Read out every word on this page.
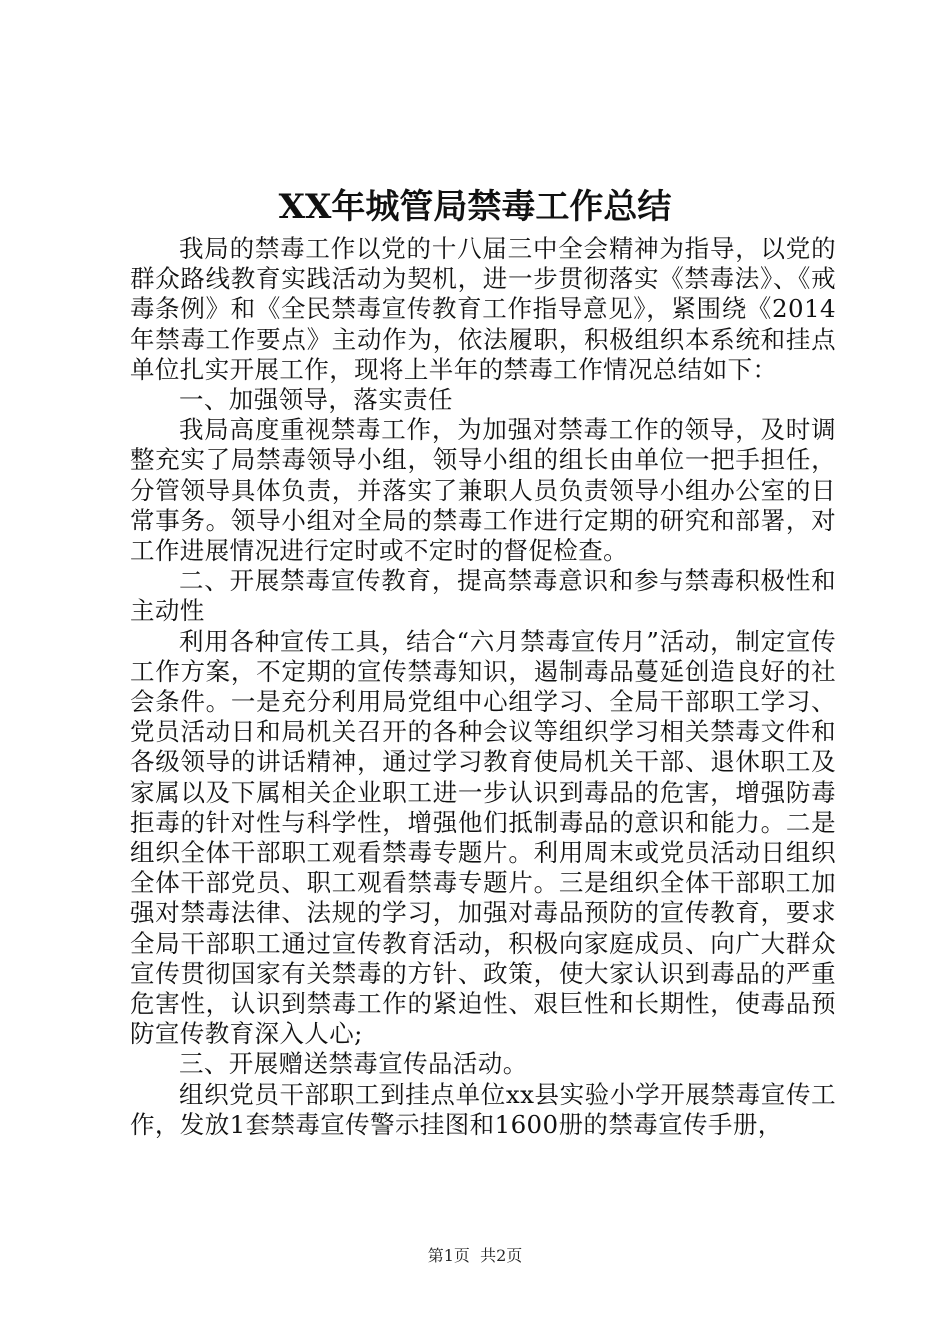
XX年城管局禁毒工作总结

我局的禁毒工作以党的十八届三中全会精神为指导，以党的群众路线教育实践活动为契机，进一步贯彻落实《禁毒法》、《戒毒条例》和《全民禁毒宣传教育工作指导意见》，紧围绕《2014年禁毒工作要点》主动作为，依法履职，积极组织本系统和挂点单位扎实开展工作，现将上半年的禁毒工作情况总结如下：

一、加强领导，落实责任

我局高度重视禁毒工作，为加强对禁毒工作的领导，及时调整充实了局禁毒领导小组，领导小组的组长由单位一把手担任，分管领导具体负责，并落实了兼职人员负责领导小组办公室的日常事务。领导小组对全局的禁毒工作进行定期的研究和部署，对工作进展情况进行定时或不定时的督促检查。

二、开展禁毒宣传教育，提高禁毒意识和参与禁毒积极性和主动性

利用各种宣传工具，结合“六月禁毒宣传月”活动，制定宣传工作方案，不定期的宣传禁毒知识，遏制毒品蔓延创造良好的社会条件。一是充分利用局党组中心组学习、全局干部职工学习、党员活动日和局机关召开的各种会议等组织学习相关禁毒文件和各级领导的讲话精神，通过学习教育使局机关干部、退休职工及家属以及下属相关企业职工进一步认识到毒品的危害，增强防毒拒毒的针对性与科学性，增强他们抵制毒品的意识和能力。二是组织全体干部职工观看禁毒专题片。利用周末或党员活动日组织全体干部党员、职工观看禁毒专题片。三是组织全体干部职工加强对禁毒法律、法规的学习，加强对毒品预防的宣传教育，要求全局干部职工通过宣传教育活动，积极向家庭成员、向广大群众宣传贯彻国家有关禁毒的方针、政策，使大家认识到毒品的严重危害性，认识到禁毒工作的紧迫性、艰巨性和长期性，使毒品预防宣传教育深入人心;

三、开展赠送禁毒宣传品活动。

组织党员干部职工到挂点单位xx县实验小学开展禁毒宣传工作，发放1套禁毒宣传警示挂图和1600册的禁毒宣传手册，

第1页  共2页
